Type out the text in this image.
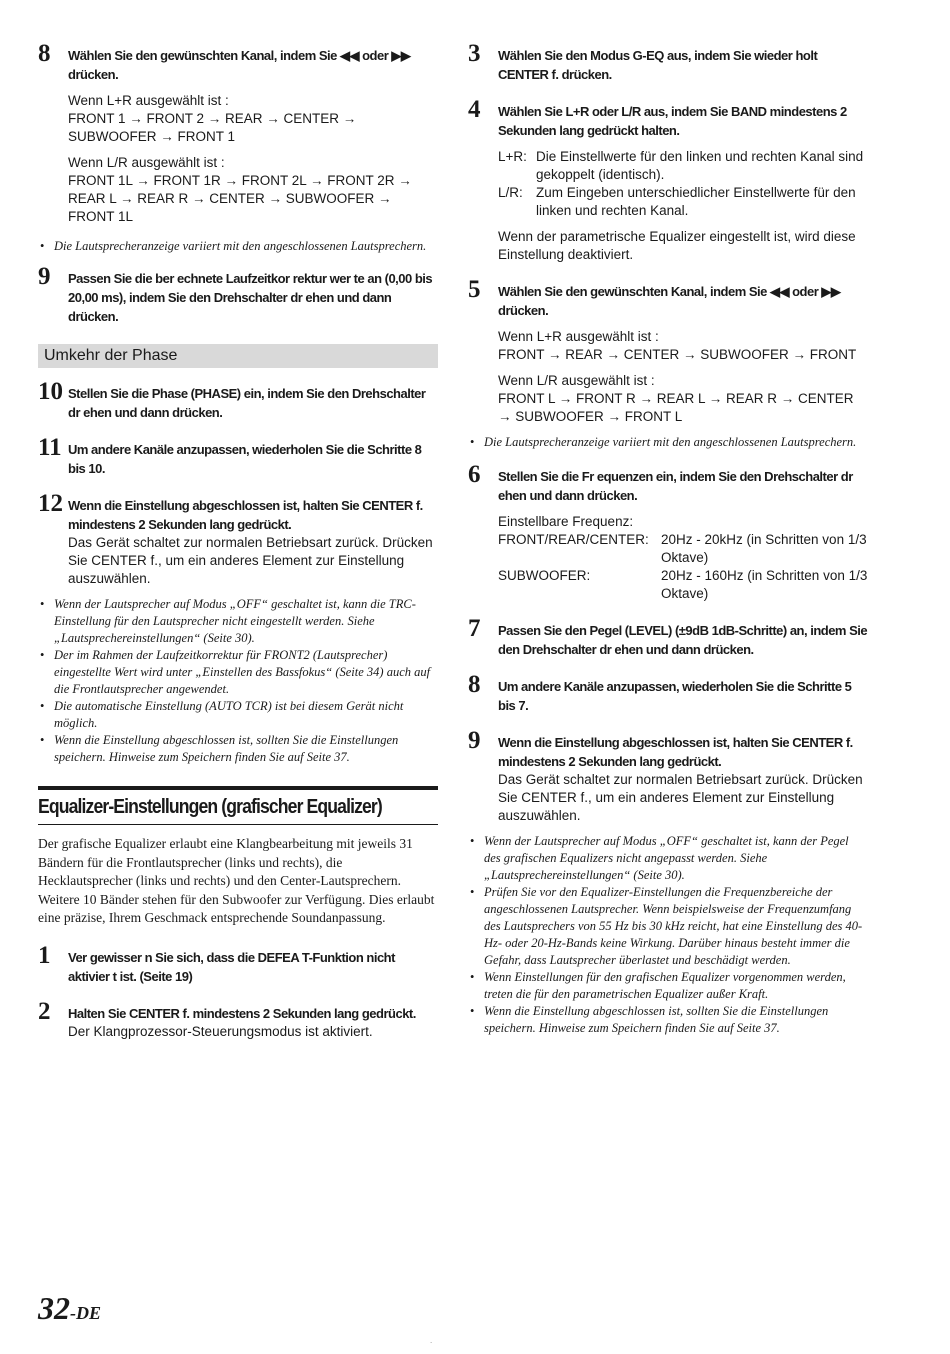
8 Wählen Sie den gewünschten Kanal, indem Sie ◀◀ oder ▶▶ drücken.

Wenn L+R ausgewählt ist :
FRONT 1 → FRONT 2 → REAR → CENTER → SUBWOOFER → FRONT 1

Wenn L/R ausgewählt ist :
FRONT 1L → FRONT 1R → FRONT 2L → FRONT 2R → REAR L → REAR R → CENTER → SUBWOOFER → FRONT 1L

• Die Lautsprecheranzeige variiert mit den angeschlossenen Lautsprechern.
9 Passen Sie die ber echnete Laufzeitkor rektur wer te an (0,00 bis 20,00 ms), indem Sie den Drehschalter dr ehen und dann drücken.

Umkehr der Phase
10 Stellen Sie die Phase (PHASE) ein, indem Sie den Drehschalter dr ehen und dann drücken.

11 Um andere Kanäle anzupassen, wiederholen Sie die Schritte 8 bis 10.

12 Wenn die Einstellung abgeschlossen ist, halten Sie CENTER f. mindestens 2 Sekunden lang gedrückt.

Das Gerät schaltet zur normalen Betriebsart zurück. Drücken Sie CENTER f., um ein anderes Element zur Einstellung auszuwählen.

• Wenn der Lautsprecher auf Modus „OFF“ geschaltet ist, kann die TRC-Einstellung für den Lautsprecher nicht eingestellt werden. Siehe „Lautsprechereinstellungen“ (Seite 30).
• Der im Rahmen der Laufzeitkorrektur für FRONT2 (Lautsprecher) eingestellte Wert wird unter „Einstellen des Bassfokus“ (Seite 34) auch auf die Frontlautsprecher angewendet.
• Die automatische Einstellung (AUTO TCR) ist bei diesem Gerät nicht möglich.
• Wenn die Einstellung abgeschlossen ist, sollten Sie die Einstellungen speichern. Hinweise zum Speichern finden Sie auf Seite 37.
Equalizer-Einstellungen (grafischer Equalizer)

Der grafische Equalizer erlaubt eine Klangbearbeitung mit jeweils 31 Bändern für die Frontlautsprecher (links und rechts), die Hecklautsprecher (links und rechts) und den Center-Lautsprechern. Weitere 10 Bänder stehen für den Subwoofer zur Verfügung. Dies erlaubt eine präzise, Ihrem Geschmack entsprechende Soundanpassung.

1 Ver gewisser n Sie sich, dass die DEFEA T-Funktion nicht aktivier t ist. (Seite 19)

2 Halten Sie CENTER f. mindestens 2 Sekunden lang gedrückt.

Der Klangprozessor-Steuerungsmodus ist aktiviert.

3 Wählen Sie den Modus G-EQ aus, indem Sie wieder holt CENTER f. drücken.

4 Wählen Sie L+R oder L/R aus, indem Sie BAND mindestens 2 Sekunden lang gedrückt halten.

L+R: Die Einstellwerte für den linken und rechten Kanal sind gekoppelt (identisch).
L/R: Zum Eingeben unterschiedlicher Einstellwerte für den linken und rechten Kanal.

Wenn der parametrische Equalizer eingestellt ist, wird diese Einstellung deaktiviert.

5 Wählen Sie den gewünschten Kanal, indem Sie ◀◀ oder ▶▶ drücken.

Wenn L+R ausgewählt ist :
FRONT → REAR → CENTER → SUBWOOFER → FRONT

Wenn L/R ausgewählt ist :
FRONT L → FRONT R → REAR L → REAR R → CENTER → SUBWOOFER → FRONT L

• Die Lautsprecheranzeige variiert mit den angeschlossenen Lautsprechern.
6 Stellen Sie die Fr equenzen ein, indem Sie den Drehschalter dr ehen und dann drücken.

Einstellbare Frequenz:
FRONT/REAR/CENTER: 20Hz - 20kHz (in Schritten von 1/3 Oktave)
SUBWOOFER:	20Hz - 160Hz (in Schritten von 1/3 Oktave)
7 Passen Sie den Pegel (LEVEL) (±9dB 1dB-Schritte) an, indem Sie den Drehschalter dr ehen und dann drücken.

8 Um andere Kanäle anzupassen, wiederholen Sie die Schritte 5 bis 7.

9 Wenn die Einstellung abgeschlossen ist, halten Sie CENTER f. mindestens 2 Sekunden lang gedrückt.

Das Gerät schaltet zur normalen Betriebsart zurück. Drücken Sie CENTER f., um ein anderes Element zur Einstellung auszuwählen.

• Wenn der Lautsprecher auf Modus „OFF“ geschaltet ist, kann der Pegel des grafischen Equalizers nicht angepasst werden. Siehe „Lautsprechereinstellungen“ (Seite 30).
• Prüfen Sie vor den Equalizer-Einstellungen die Frequenzbereiche der angeschlossenen Lautsprecher. Wenn beispielsweise der Frequenzumfang des Lautsprechers von 55 Hz bis 30 kHz reicht, hat eine Einstellung des 40-Hz- oder 20-Hz-Bands keine Wirkung. Darüber hinaus besteht immer die Gefahr, dass Lautsprecher überlastet und beschädigt werden.
• Wenn Einstellungen für den grafischen Equalizer vorgenommen werden, treten die für den parametrischen Equalizer außer Kraft.
• Wenn die Einstellung abgeschlossen ist, sollten Sie die Einstellungen speichern. Hinweise zum Speichern finden Sie auf Seite 37.
32-DE
.
